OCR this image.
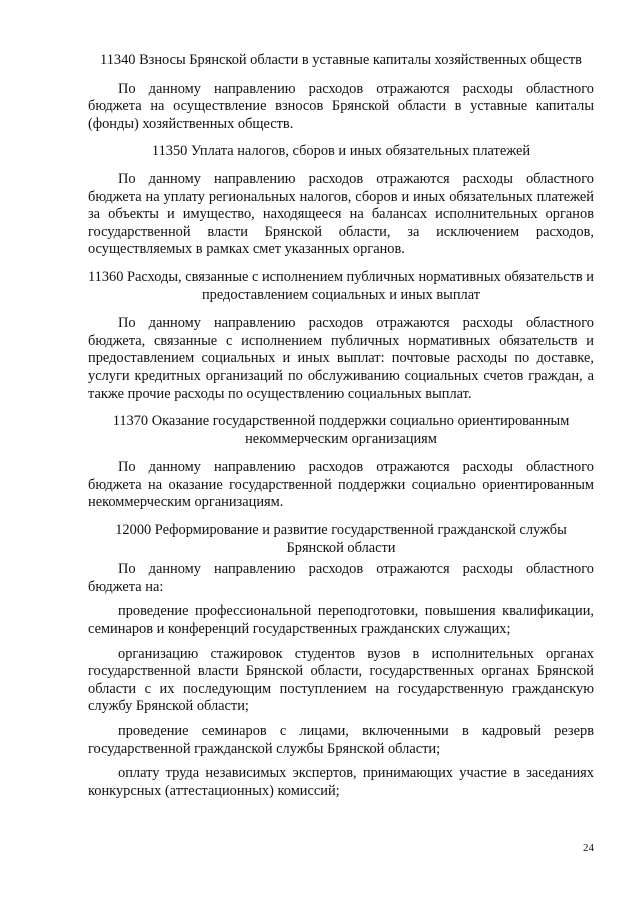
11340 Взносы Брянской области в уставные капиталы хозяйственных обществ

По данному направлению расходов отражаются расходы областного бюджета на осуществление взносов Брянской области в уставные капиталы (фонды) хозяйственных обществ.

11350 Уплата налогов, сборов и иных обязательных платежей

По данному направлению расходов отражаются расходы областного бюджета на уплату региональных налогов, сборов и иных обязательных платежей за объекты и имущество, находящееся на балансах исполнительных органов государственной власти Брянской области, за исключением расходов, осуществляемых в рамках смет указанных органов.

11360 Расходы, связанные с исполнением публичных нормативных обязательств и предоставлением социальных и иных выплат

По данному направлению расходов отражаются расходы областного бюджета, связанные с исполнением публичных нормативных обязательств и предоставлением социальных и иных выплат: почтовые расходы по доставке, услуги кредитных организаций по обслуживанию социальных счетов граждан, а также прочие расходы по осуществлению социальных выплат.

11370 Оказание государственной поддержки социально ориентированным некоммерческим организациям

По данному направлению расходов отражаются расходы областного бюджета на оказание государственной поддержки социально ориентированным некоммерческим организациям.

12000 Реформирование и развитие государственной гражданской службы Брянской области

По данному направлению расходов отражаются расходы областного бюджета на:

проведение профессиональной переподготовки, повышения квалификации, семинаров и конференций государственных гражданских служащих;

организацию стажировок студентов вузов в исполнительных органах государственной власти Брянской области, государственных органах Брянской области с их последующим поступлением на государственную гражданскую службу Брянской области;

проведение семинаров с лицами, включенными в кадровый резерв государственной гражданской службы Брянской области;

оплату труда независимых экспертов, принимающих участие в заседаниях конкурсных (аттестационных) комиссий;

24
